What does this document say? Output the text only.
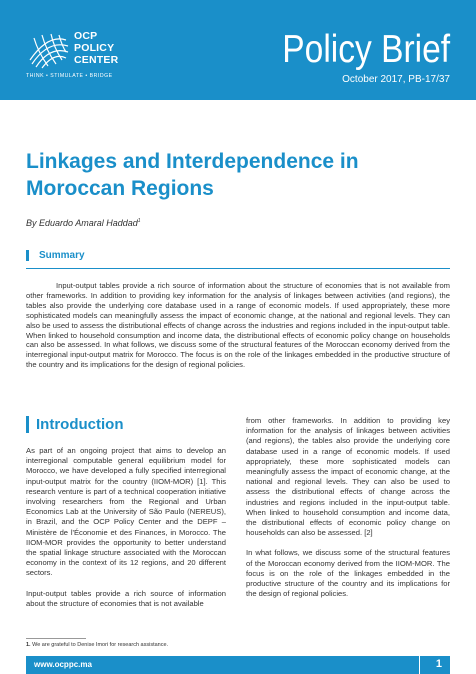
OCP
POLICY
CENTER
THINK • STIMULATE • BRIDGE
Policy Brief
October 2017, PB-17/37
Linkages and Interdependence in Moroccan Regions
By Eduardo Amaral Haddad$^1$
Summary
Input-output tables provide a rich source of information about the structure of economies that is not available from other frameworks. In addition to providing key information for the analysis of linkages between activities (and regions), the tables also provide the underlying core database used in a range of economic models. If used appropriately, these more sophisticated models can meaningfully assess the impact of economic change, at the national and regional levels. They can also be used to assess the distributional effects of change across the industries and regions included in the input-output table. When linked to household consumption and income data, the distributional effects of economic policy change on households can also be assessed. In what follows, we discuss some of the structural features of the Moroccan economy derived from the interregional input-output matrix for Morocco. The focus is on the role of the linkages embedded in the productive structure of the country and its implications for the design of regional policies.
Introduction

As part of an ongoing project that aims to develop an interregional computable general equilibrium model for Morocco, we have developed a fully specified interregional input-output matrix for the country (IIOM-MOR) [1]. This research venture is part of a technical cooperation initiative involving researchers from the Regional and Urban Economics Lab at the University of São Paulo (NEREUS), in Brazil, and the OCP Policy Center and the DEPF – Ministère de l'Économie et des Finances, in Morocco. The IIOM-MOR provides the opportunity to better understand the spatial linkage structure associated with the Moroccan economy in the context of its 12 regions, and 20 different sectors.

Input-output tables provide a rich source of information about the structure of economies that is not available

from other frameworks. In addition to providing key information for the analysis of linkages between activities (and regions), the tables also provide the underlying core database used in a range of economic models. If used appropriately, these more sophisticated models can meaningfully assess the impact of economic change, at the national and regional levels. They can also be used to assess the distributional effects of change across the industries and regions included in the input-output table. When linked to household consumption and income data, the distributional effects of economic policy change on households can also be assessed. [2]

In what follows, we discuss some of the structural features of the Moroccan economy derived from the IIOM-MOR. The focus is on the role of the linkages embedded in the productive structure of the country and its implications for the design of regional policies.

1. We are grateful to Denise Imori for research assistance.
www.ocppc.ma	1
